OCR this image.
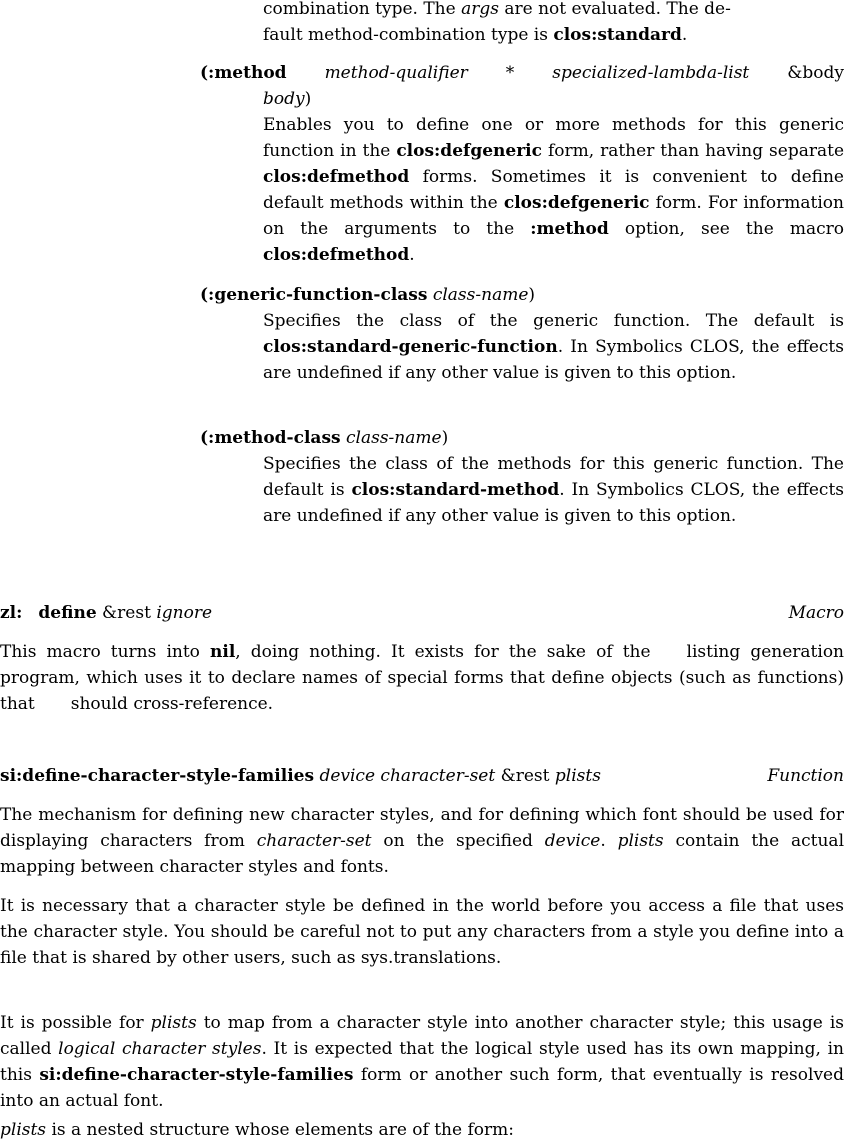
combination type. The args are not evaluated. The de-
fault method-combination type is clos:standard.
(:method method-qualifier * specialized-lambda-list &body
body)
Enables you to define one or more methods for this generic function in the clos:defgeneric form, rather than having separate clos:defmethod forms. Sometimes it is convenient to define default methods within the clos:defgeneric form. For information on the arguments to the :method option, see the macro clos:defmethod.
(:generic-function-class class-name)
Specifies the class of the generic function. The default is clos:standard-generic-function. In Symbolics CLOS, the effects are undefined if any other value is given to this option.
(:method-class class-name)
Specifies the class of the methods for this generic function. The default is clos:standard-method. In Symbolics CLOS, the effects are undefined if any other value is given to this option.
zl: define &rest ignore	Macro
This macro turns into nil, doing nothing. It exists for the sake of the listing generation program, which uses it to declare names of special forms that define objects (such as functions) that should cross-reference.
si:define-character-style-families device character-set &rest plists	Function
The mechanism for defining new character styles, and for defining which font should be used for displaying characters from character-set on the specified device. plists contain the actual mapping between character styles and fonts.
It is necessary that a character style be defined in the world before you access a file that uses the character style. You should be careful not to put any characters from a style you define into a file that is shared by other users, such as sys.translations.
It is possible for plists to map from a character style into another character style; this usage is called logical character styles. It is expected that the logical style used has its own mapping, in this si:define-character-style-families form or another such form, that eventually is resolved into an actual font.
plists is a nested structure whose elements are of the form:
